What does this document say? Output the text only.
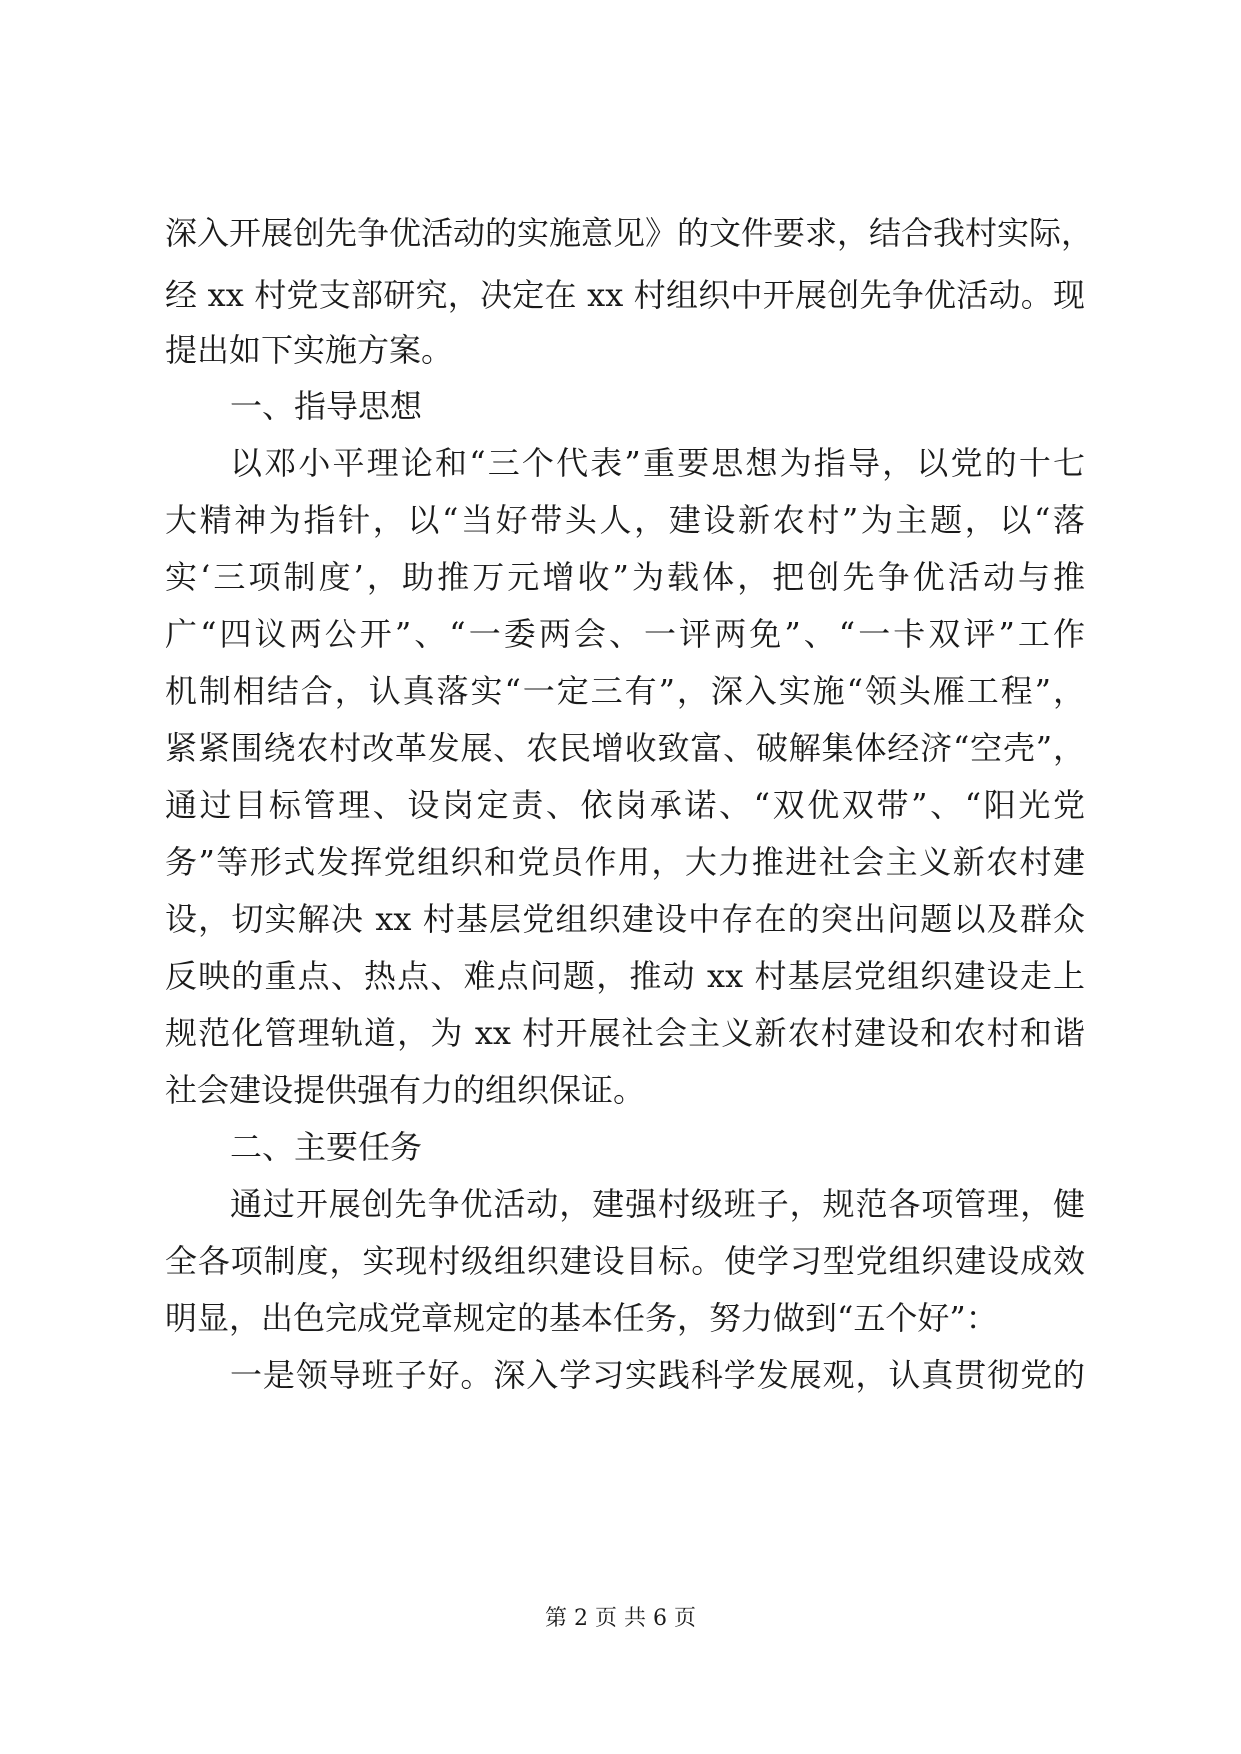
深入开展创先争优活动的实施意见》的文件要求，结合我村实际，
经 xx 村党支部研究，决定在 xx 村组织中开展创先争优活动。现
提出如下实施方案。
一、指导思想
以邓小平理论和“三个代表”重要思想为指导，以党的十七
大精神为指针，以“当好带头人，建设新农村”为主题，以“落
实‘三项制度’，助推万元增收”为载体，把创先争优活动与推
广“四议两公开”、“一委两会、一评两免”、“一卡双评”工作
机制相结合，认真落实“一定三有”，深入实施“领头雁工程”，
紧紧围绕农村改革发展、农民增收致富、破解集体经济“空壳”，
通过目标管理、设岗定责、依岗承诺、“双优双带”、“阳光党
务”等形式发挥党组织和党员作用，大力推进社会主义新农村建
设，切实解决 xx 村基层党组织建设中存在的突出问题以及群众
反映的重点、热点、难点问题，推动 xx 村基层党组织建设走上
规范化管理轨道，为 xx 村开展社会主义新农村建设和农村和谐
社会建设提供强有力的组织保证。
二、主要任务
通过开展创先争优活动，建强村级班子，规范各项管理，健
全各项制度，实现村级组织建设目标。使学习型党组织建设成效
明显，出色完成党章规定的基本任务，努力做到“五个好”：
一是领导班子好。深入学习实践科学发展观，认真贯彻党的
第 2 页 共 6 页
